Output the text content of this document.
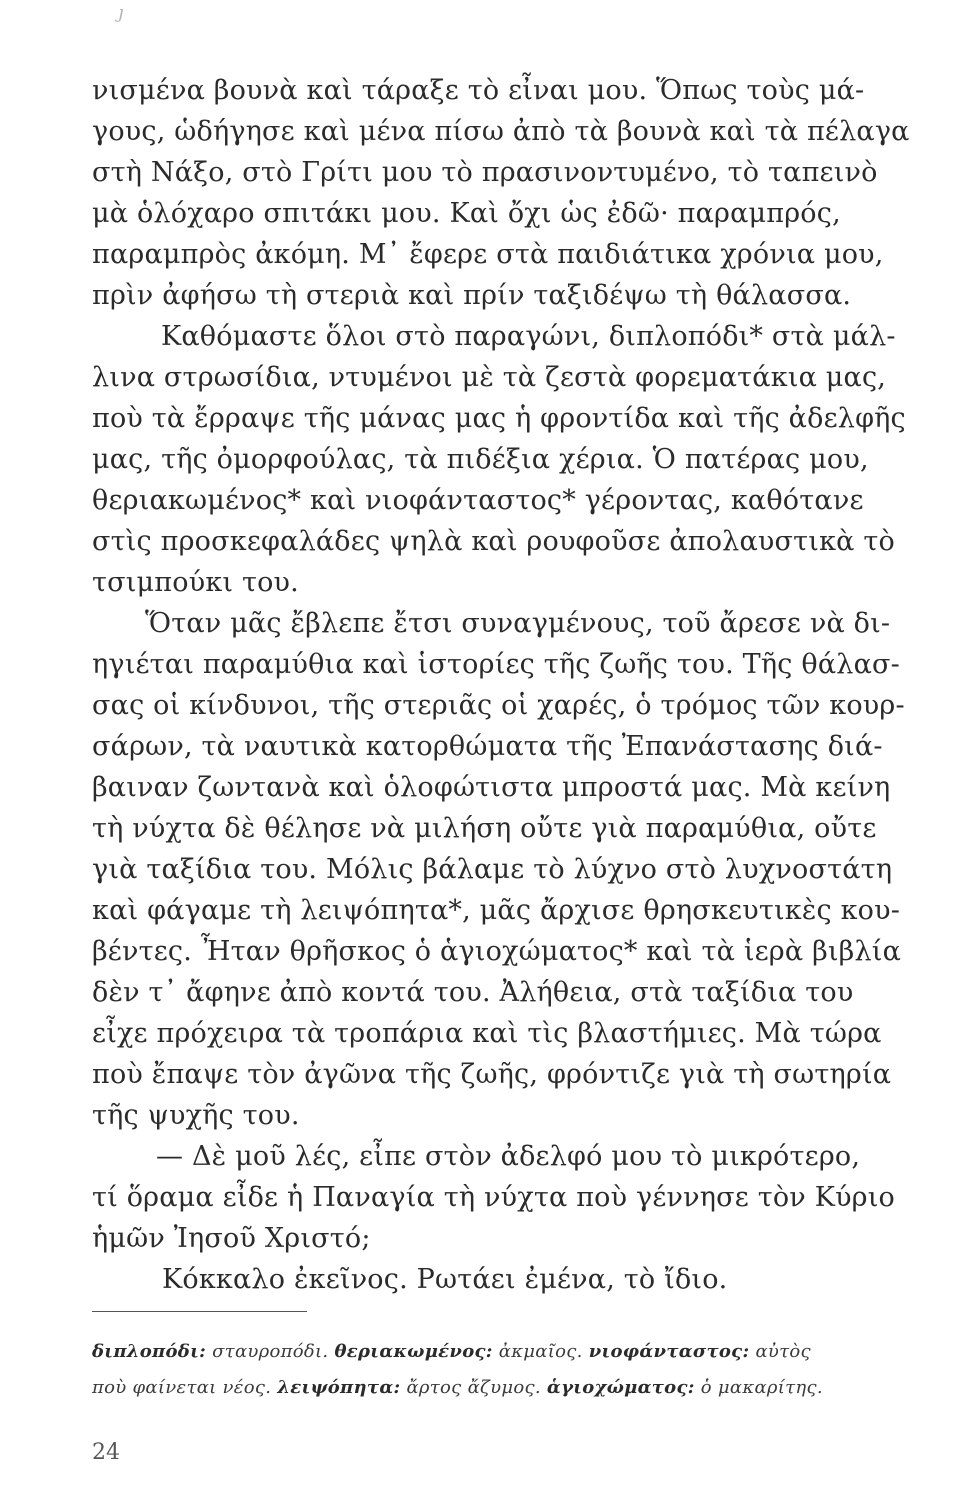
ȷ
νισμένα βουνὰ καὶ τάραξε τὸ εἶναι μου. Ὅπως τοὺς μά-
γους, ὡδήγησε καὶ μένα πίσω ἀπὸ τὰ βουνὰ καὶ τὰ πέλαγα
στὴ Νάξο, στὸ Γρίτι μου τὸ πρασινοντυμένο, τὸ ταπεινὸ
μὰ ὁλόχαρο σπιτάκι μου. Καὶ ὄχι ὡς ἐδῶ· παραμπρός,
παραμπρὸς ἀκόμη. Μ᾽ ἔφερε στὰ παιδιάτικα χρόνια μου,
πρὶν ἀφήσω τὴ στεριὰ καὶ πρίν ταξιδέψω τὴ θάλασσα.
Καθόμαστε ὅλοι στὸ παραγώνι, διπλοπόδι* στὰ μάλ-
λινα στρωσίδια, ντυμένοι μὲ τὰ ζεστὰ φορεματάκια μας,
ποὺ τὰ ἔρραψε τῆς μάνας μας ἡ φροντίδα καὶ τῆς ἀδελφῆς
μας, τῆς ὀμορφούλας, τὰ πιδέξια χέρια. Ὁ πατέρας μου,
θεριακωμένος* καὶ νιοφάνταστος* γέροντας, καθότανε
στὶς προσκεφαλάδες ψηλὰ καὶ ρουφοῦσε ἀπολαυστικὰ τὸ
τσιμπούκι του.
Ὅταν μᾶς ἔβλεπε ἔτσι συναγμένους, τοῦ ἄρεσε νὰ δι-
ηγιέται παραμύθια καὶ ἱστορίες τῆς ζωῆς του. Τῆς θάλασ-
σας οἱ κίνδυνοι, τῆς στεριᾶς οἱ χαρές, ὁ τρόμος τῶν κουρ-
σάρων, τὰ ναυτικὰ κατορθώματα τῆς Ἐπανάστασης διά-
βαιναν ζωντανὰ καὶ ὁλοφώτιστα μπροστά μας. Μὰ κείνη
τὴ νύχτα δὲ θέλησε νὰ μιλήση οὔτε γιὰ παραμύθια, οὔτε
γιὰ ταξίδια του. Μόλις βάλαμε τὸ λύχνο στὸ λυχνοστάτη
καὶ φάγαμε τὴ λειψόπητα*, μᾶς ἄρχισε θρησκευτικὲς κου-
βέντες. Ἦταν θρῆσκος ὁ ἁγιοχώματος* καὶ τὰ ἱερὰ βιβλία
δὲν τ᾽ ἄφηνε ἀπὸ κοντά του. Ἀλήθεια, στὰ ταξίδια του
εἶχε πρόχειρα τὰ τροπάρια καὶ τὶς βλαστήμιες. Μὰ τώρα
ποὺ ἔπαψε τὸν ἀγῶνα τῆς ζωῆς, φρόντιζε γιὰ τὴ σωτηρία
τῆς ψυχῆς του.
— Δὲ μοῦ λές, εἶπε στὸν ἀδελφό μου τὸ μικρότερο,
τί ὅραμα εἶδε ἡ Παναγία τὴ νύχτα ποὺ γέννησε τὸν Κύριο
ἡμῶν Ἰησοῦ Χριστό;
Κόκκαλο ἐκεῖνος. Ρωτάει ἐμένα, τὸ ἴδιο.
διπλοπόδι: σταυροπόδι. θεριακωμένος: ἀκμαῖος. νιοφάνταστος: αὐτὸς
ποὺ φαίνεται νέος. λειψόπητα: ἄρτος ἄζυμος. ἁγιοχώματος: ὁ μακαρίτης.
24
